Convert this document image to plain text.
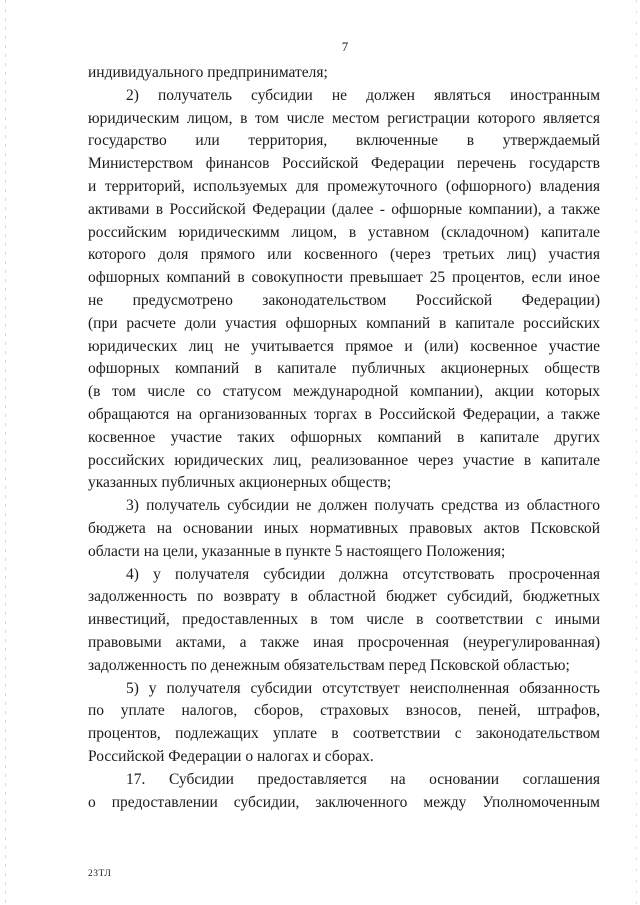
7

индивидуального предпринимателя;

2) получатель субсидии не должен являться иностранным

юридическим лицом, в том числе местом регистрации которого является

государство или территория, включенные в утверждаемый

Министерством финансов Российской Федерации перечень государств

и территорий, используемых для промежуточного (офшорного) владения

активами в Российской Федерации (далее - офшорные компании), а также

российским юридическимм лицом, в уставном (складочном) капитале

которого доля прямого или косвенного (через третьих лиц) участия

офшорных компаний в совокупности превышает 25 процентов, если иное

не предусмотрено законодательством Российской Федерации)

(при расчете доли участия офшорных компаний в капитале российских

юридических лиц не учитывается прямое и (или) косвенное участие

офшорных компаний в капитале публичных акционерных обществ

(в том числе со статусом международной компании), акции которых

обращаются на организованных торгах в Российской Федерации, а также

косвенное участие таких офшорных компаний в капитале других

российских юридических лиц, реализованное через участие в капитале

указанных публичных акционерных обществ;

3) получатель субсидии не должен получать средства из областного

бюджета на основании иных нормативных правовых актов Псковской

области на цели, указанные в пункте 5 настоящего Положения;

4) у получателя субсидии должна отсутствовать просроченная

задолженность по возврату в областной бюджет субсидий, бюджетных

инвестиций, предоставленных в том числе в соответствии с иными

правовыми актами, а также иная просроченная (неурегулированная)

задолженность по денежным обязательствам перед Псковской областью;

5) у получателя субсидии отсутствует неисполненная обязанность

по уплате налогов, сборов, страховых взносов, пеней, штрафов,

процентов, подлежащих уплате в соответствии с законодательством

Российской Федерации о налогах и сборах.

17. Субсидии предоставляется на основании соглашения

о предоставлении субсидии, заключенного между Уполномоченным

23ТЛ
